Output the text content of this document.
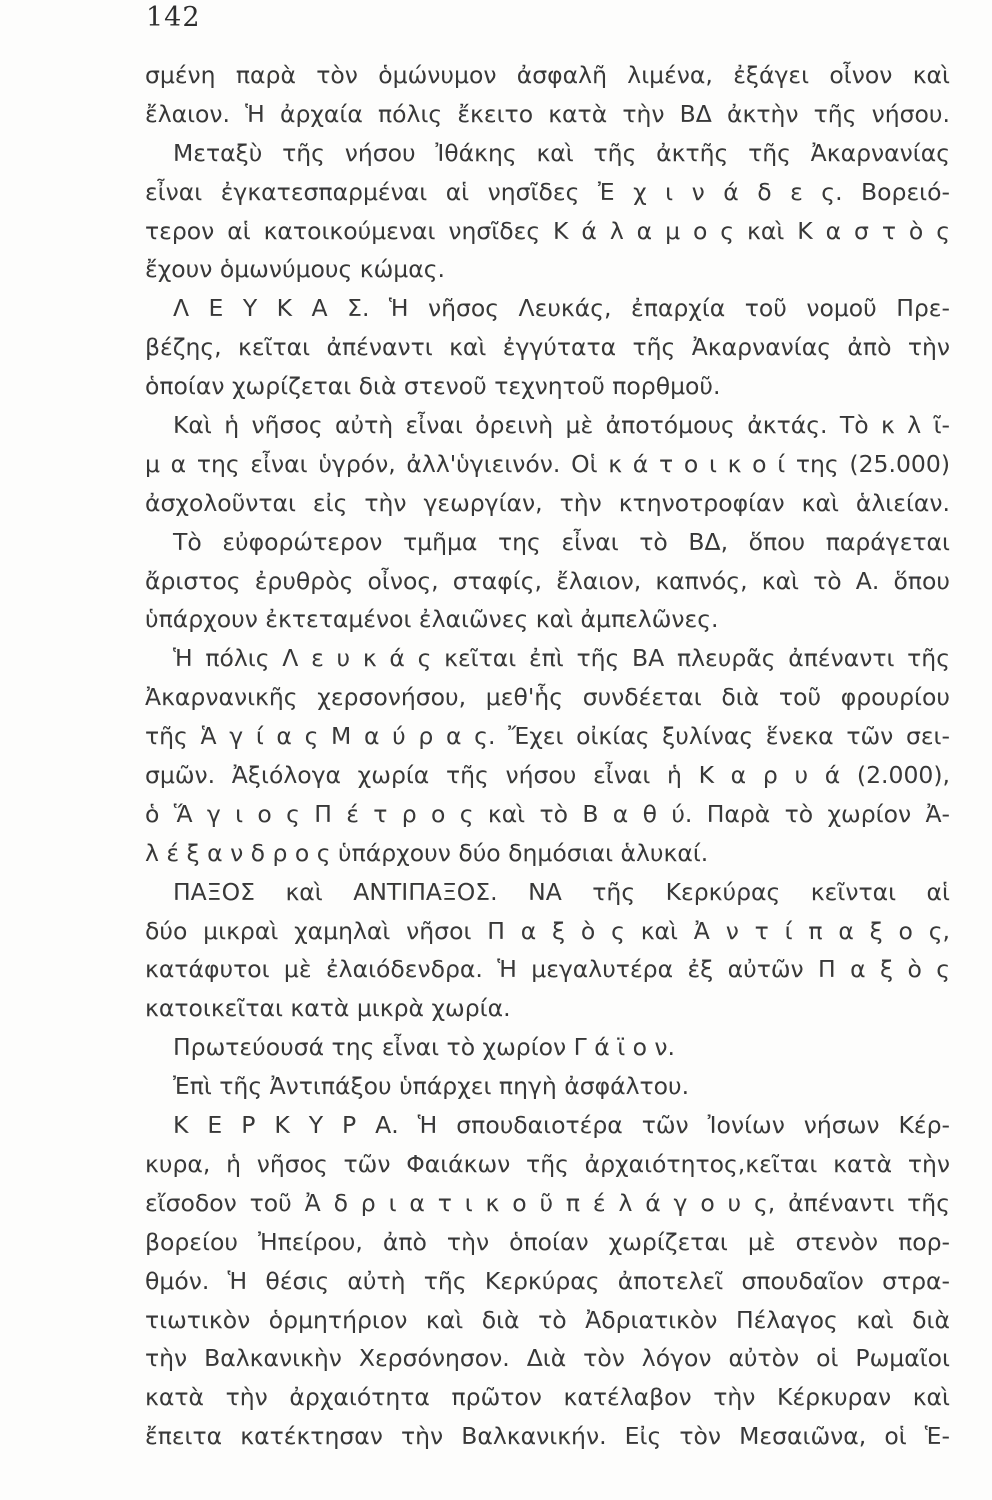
142
σμένη παρὰ τὸν ὁμώνυμον ἀσφαλῆ λιμένα, ἐξάγει οἶνον καὶ
ἔλαιον. Ἡ ἀρχαία πόλις ἔκειτο κατὰ τὴν ΒΔ ἀκτὴν τῆς νήσου.
Μεταξὺ τῆς νήσου Ἰθάκης καὶ τῆς ἀκτῆς τῆς Ἀκαρνανίας
εἶναι ἐγκατεσπαρμέναι αἱ νησῖδες Ἐ χ ι ν ά δ ε ς. Βορειό-
τερον αἱ κατοικούμεναι νησῖδες Κ ά λ α μ ο ς καὶ Κ α σ τ ὸ ς
ἔχουν ὁμωνύμους κώμας.
Λ Ε Υ Κ Α Σ. Ἡ νῆσος Λευκάς, ἐπαρχία τοῦ νομοῦ Πρε-
βέζης, κεῖται ἀπέναντι καὶ ἐγγύτατα τῆς Ἀκαρνανίας ἀπὸ τὴν
ὁποίαν χωρίζεται διὰ στενοῦ τεχνητοῦ πορθμοῦ.
Καὶ ἡ νῆσος αὐτὴ εἶναι ὀρεινὴ μὲ ἀποτόμους ἀκτάς. Τὸ κ λ ῖ-
μ α της εἶναι ὑγρόν, ἀλλ'ὑγιεινόν. Οἱ κ ά τ ο ι κ ο ί της (25.000)
ἀσχολοῦνται εἰς τὴν γεωργίαν, τὴν κτηνοτροφίαν καὶ ἁλιείαν.
Τὸ εὐφορώτερον τμῆμα της εἶναι τὸ ΒΔ, ὅπου παράγεται
ἄριστος ἐρυθρὸς οἶνος, σταφίς, ἔλαιον, καπνός, καὶ τὸ Α. ὅπου
ὑπάρχουν ἐκτεταμένοι ἐλαιῶνες καὶ ἀμπελῶνες.
Ἡ πόλις Λ ε υ κ ά ς κεῖται ἐπὶ τῆς ΒΑ πλευρᾶς ἀπέναντι τῆς
Ἀκαρνανικῆς χερσονήσου, μεθ'ἧς συνδέεται διὰ τοῦ φρουρίου
τῆς Ἁ γ ί α ς Μ α ύ ρ α ς. Ἔχει οἰκίας ξυλίνας ἕνεκα τῶν σει-
σμῶν. Ἀξιόλογα χωρία τῆς νήσου εἶναι ἡ Κ α ρ υ ά (2.000),
ὁ Ἅ γ ι ο ς Π έ τ ρ ο ς καὶ τὸ Β α θ ύ. Παρὰ τὸ χωρίον Ἀ-
λ έ ξ α ν δ ρ ο ς ὑπάρχουν δύο δημόσιαι ἁλυκαί.
ΠΑΞΟΣ καὶ ΑΝΤΙΠΑΞΟΣ. ΝΑ τῆς Κερκύρας κεῖνται αἱ
δύο μικραὶ χαμηλαὶ νῆσοι Π α ξ ὸ ς καὶ Ἀ ν τ ί π α ξ ο ς,
κατάφυτοι μὲ ἐλαιόδενδρα. Ἡ μεγαλυτέρα ἐξ αὐτῶν Π α ξ ὸ ς
κατοικεῖται κατὰ μικρὰ χωρία.
Πρωτεύουσά της εἶναι τὸ χωρίον Γ ά ϊ ο ν.
Ἐπὶ τῆς Ἀντιπάξου ὑπάρχει πηγὴ ἀσφάλτου.
Κ Ε Ρ Κ Υ Ρ Α. Ἡ σπουδαιοτέρα τῶν Ἰονίων νήσων Κέρ-
κυρα, ἡ νῆσος τῶν Φαιάκων τῆς ἀρχαιότητος,κεῖται κατὰ τὴν
εἴσοδον τοῦ Ἀ δ ρ ι α τ ι κ ο ῦ π έ λ ά γ ο υ ς, ἀπέναντι τῆς
βορείου Ἠπείρου, ἀπὸ τὴν ὁποίαν χωρίζεται μὲ στενὸν πορ-
θμόν. Ἡ θέσις αὐτὴ τῆς Κερκύρας ἀποτελεῖ σπουδαῖον στρα-
τιωτικὸν ὁρμητήριον καὶ διὰ τὸ Ἀδριατικὸν Πέλαγος καὶ διὰ
τὴν Βαλκανικὴν Χερσόνησον. Διὰ τὸν λόγον αὐτὸν οἱ Ρωμαῖοι
κατὰ τὴν ἀρχαιότητα πρῶτον κατέλαβον τὴν Κέρκυραν καὶ
ἔπειτα κατέκτησαν τὴν Βαλκανικήν. Εἰς τὸν Μεσαιῶνα, οἱ Ἑ-
